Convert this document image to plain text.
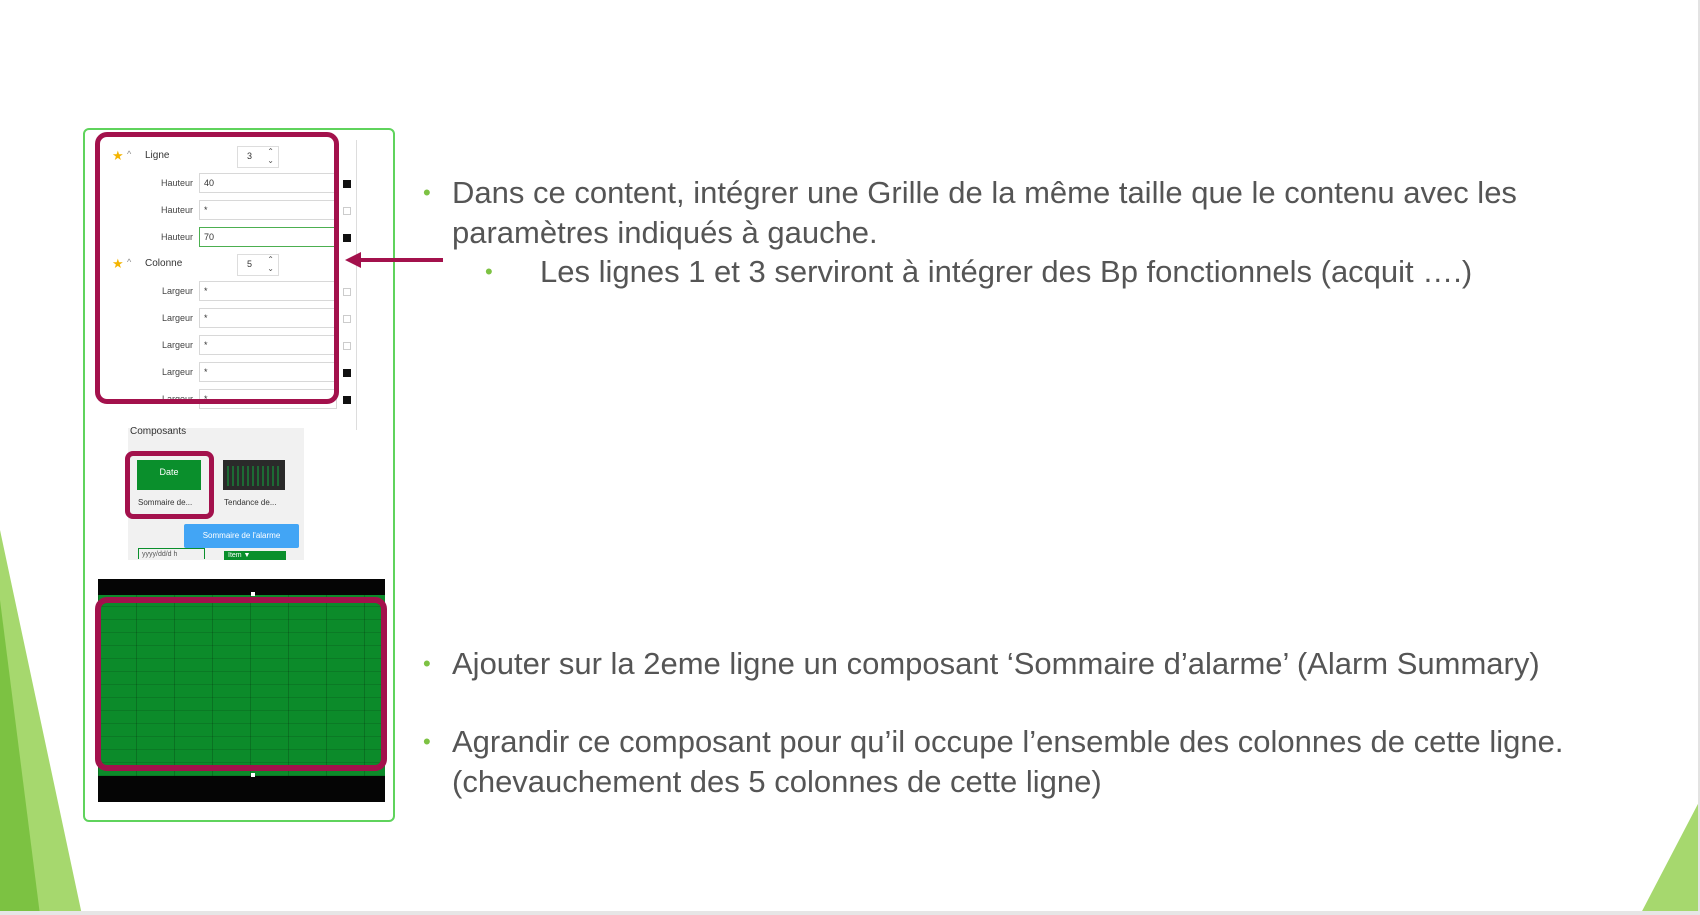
★ ^ Ligne	3 ⌃
⌄
Hauteur	40
Hauteur	*
Hauteur	70
★ ^ Colonne	5 ⌃
⌄
Largeur	*
Largeur	*
Largeur	*
Largeur	*
Largeur	*
Composants
Date
Sommaire de...	Tendance de...
Sommaire de l'alarme
yyyy/dd/d h	Item ▼
• Dans ce content, intégrer une Grille de la même taille que le contenu avec les paramètres indiqués à gauche.
• Les lignes 1 et 3 serviront à intégrer des Bp fonctionnels (acquit ….)
• Ajouter sur la 2eme ligne un composant ‘Sommaire d’alarme’ (Alarm Summary)
• Agrandir ce composant pour qu’il occupe l’ensemble des colonnes de cette ligne. (chevauchement des 5 colonnes de cette ligne)
